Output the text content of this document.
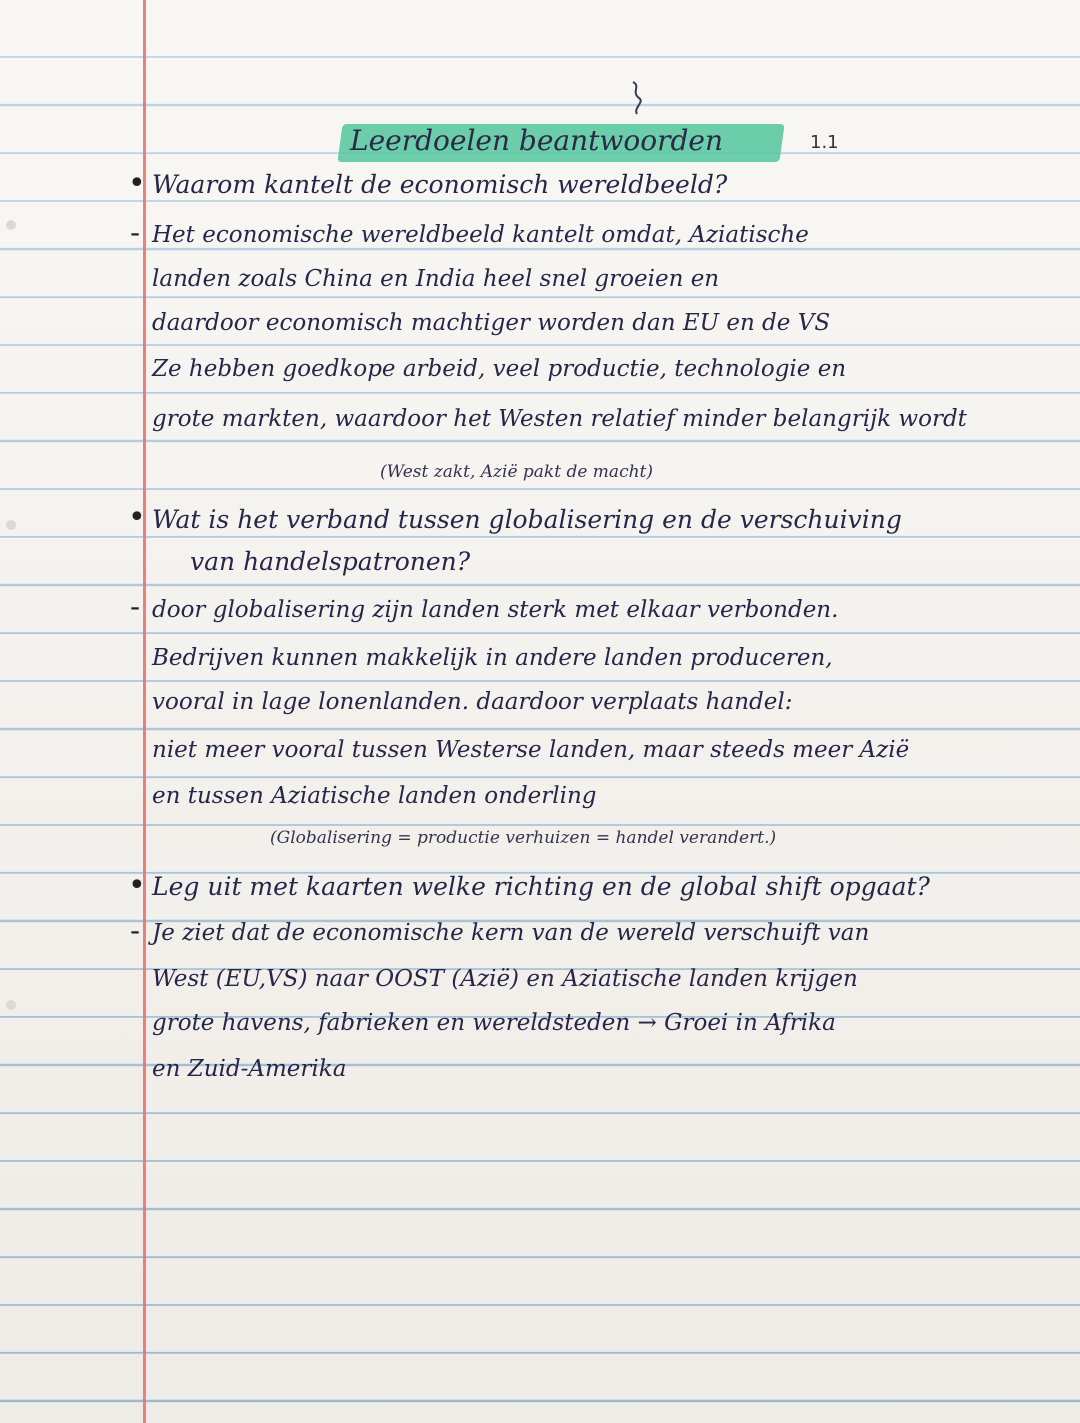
Leerdoelen beantwoorden	1.1
• Waarom kantelt de economisch wereldbeeld?
- Het economische wereldbeeld kantelt omdat, Aziatische
landen zoals China en India heel snel groeien en
daardoor economisch machtiger worden dan EU en de VS
Ze hebben goedkope arbeid, veel productie, technologie en
grote markten, waardoor het Westen relatief minder belangrijk wordt
(West zakt, Azië pakt de macht)
• Wat is het verband tussen globalisering en de verschuiving
van handelspatronen?
- door globalisering zijn landen sterk met elkaar verbonden.
Bedrijven kunnen makkelijk in andere landen produceren,
vooral in lage lonenlanden. daardoor verplaats handel:
niet meer vooral tussen Westerse landen, maar steeds meer Azië
en tussen Aziatische landen onderling
(Globalisering = productie verhuizen = handel verandert.)
• Leg uit met kaarten welke richting en de global shift opgaat?
- Je ziet dat de economische kern van de wereld verschuift van
West (EU,VS) naar OOST (Azië) en Aziatische landen krijgen
grote havens, fabrieken en wereldsteden → Groei in Afrika
en Zuid-Amerika
